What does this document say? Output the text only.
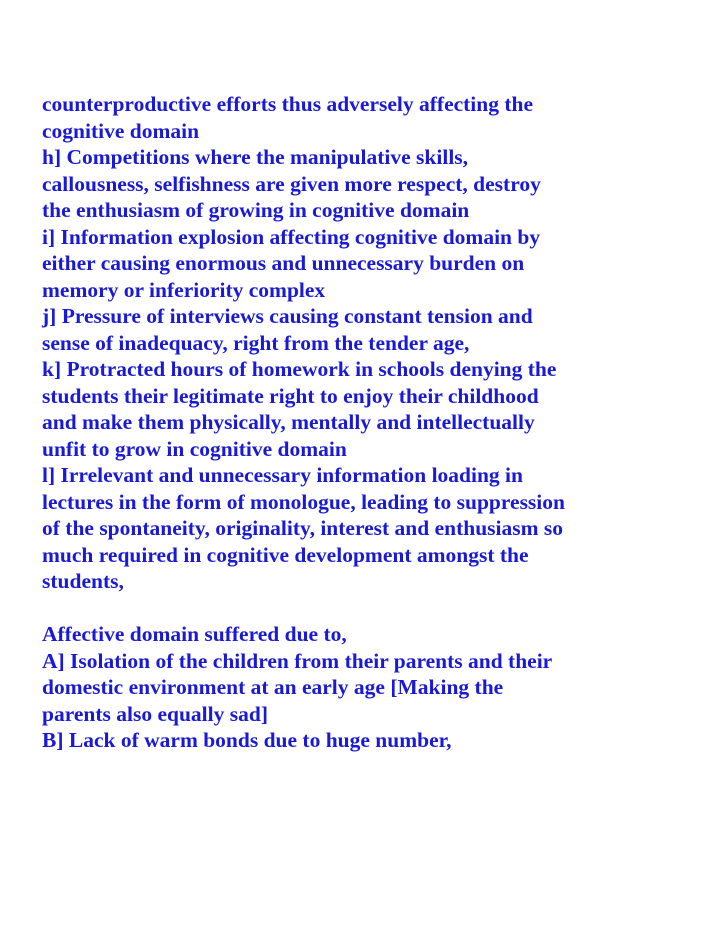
counterproductive efforts thus adversely affecting the
cognitive domain
h] Competitions where the manipulative skills,
callousness, selfishness are given more respect, destroy
the enthusiasm of growing in cognitive domain
i] Information explosion affecting cognitive domain by
either causing enormous and unnecessary burden on
memory or inferiority complex
j] Pressure of interviews causing constant tension and
sense of inadequacy, right from the tender age,
k] Protracted hours of homework in schools denying the
students their legitimate right to enjoy their childhood
and make them physically, mentally and intellectually
unfit to grow in cognitive domain
l] Irrelevant and unnecessary information loading in
lectures in the form of monologue, leading to suppression
of the spontaneity, originality, interest and enthusiasm so
much required in cognitive development amongst the
students,
Affective domain suffered due to,
A] Isolation of the children from their parents and their
domestic environment at an early age [Making the
parents also equally sad]
B] Lack of warm bonds due to huge number,
